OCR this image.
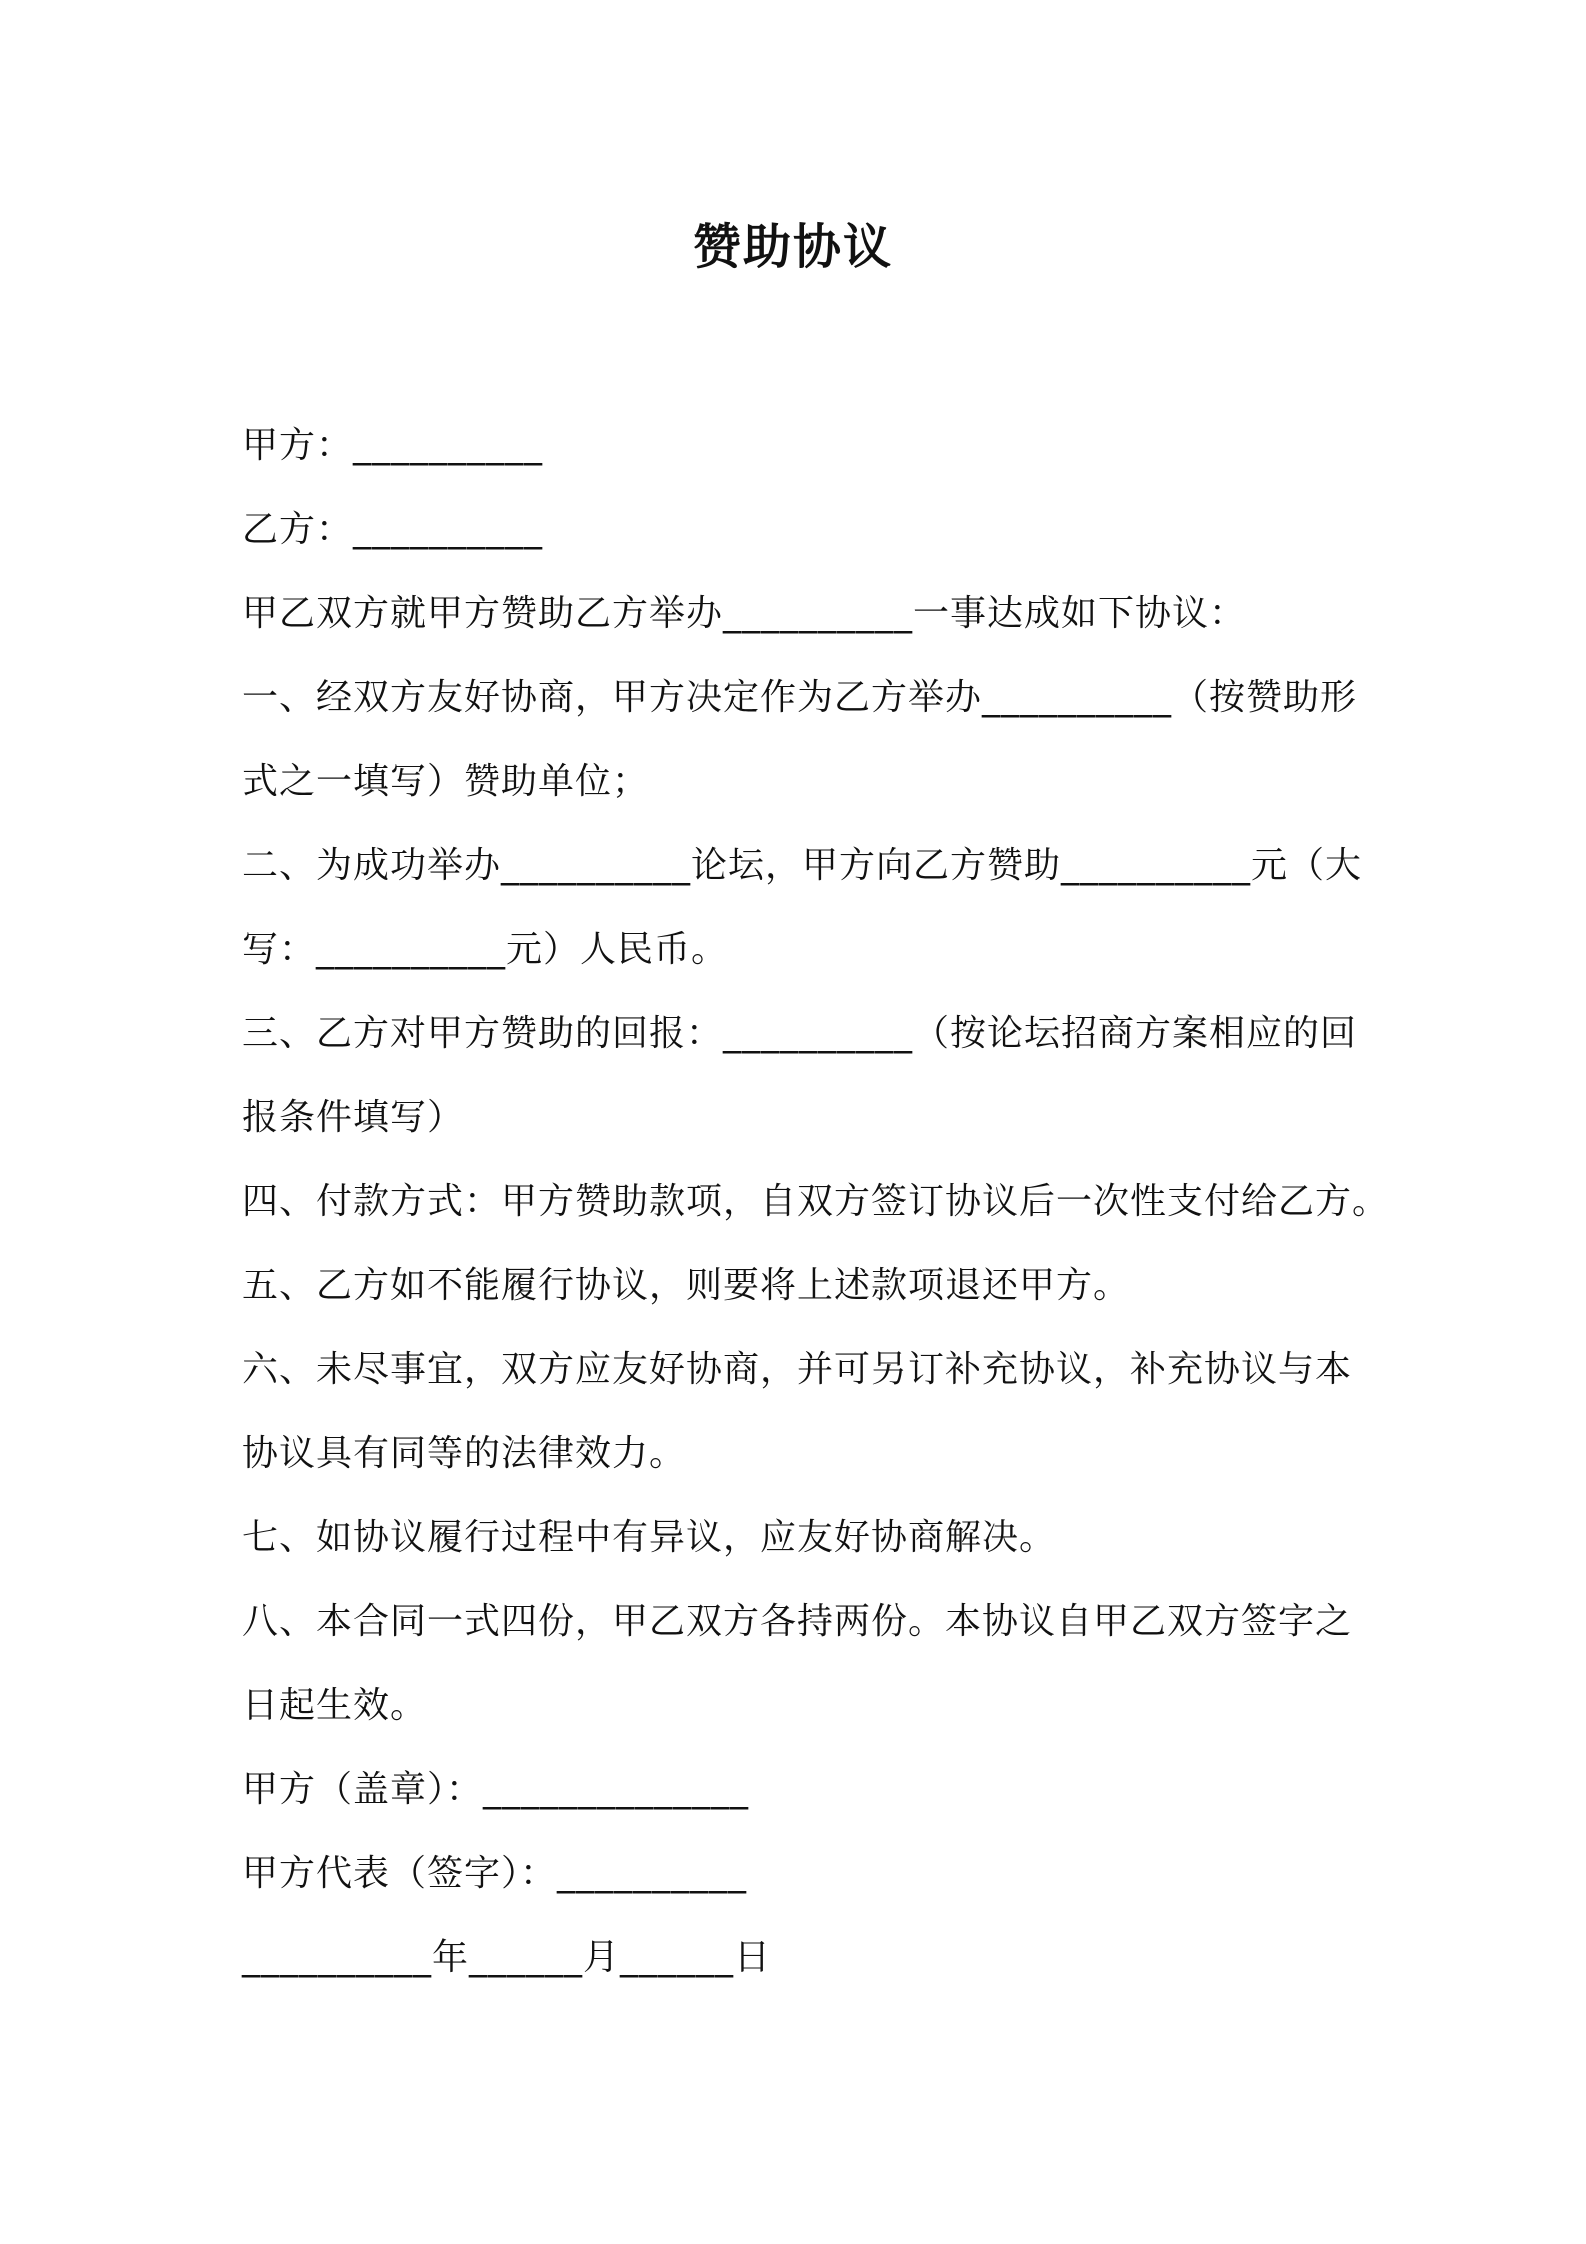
赞助协议
甲方：__________
乙方：__________
甲乙双方就甲方赞助乙方举办__________一事达成如下协议：
一、经双方友好协商，甲方决定作为乙方举办__________（按赞助形
式之一填写）赞助单位；
二、为成功举办__________论坛，甲方向乙方赞助__________元（大
写：__________元）人民币。
三、乙方对甲方赞助的回报：__________（按论坛招商方案相应的回
报条件填写）
四、付款方式：甲方赞助款项，自双方签订协议后一次性支付给乙方。
五、乙方如不能履行协议，则要将上述款项退还甲方。
六、未尽事宜，双方应友好协商，并可另订补充协议，补充协议与本
协议具有同等的法律效力。
七、如协议履行过程中有异议，应友好协商解决。
八、本合同一式四份，甲乙双方各持两份。本协议自甲乙双方签字之
日起生效。
甲方（盖章）：______________
甲方代表（签字）：__________
__________年______月______日
